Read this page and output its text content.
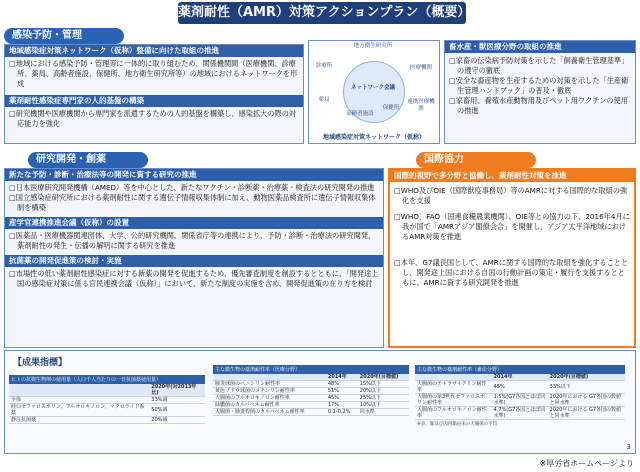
薬剤耐性（AMR）対策アクションプラン（概要）
感染予防・管理
地域感染症対策ネットワーク（仮称）整備に向けた取組の推進

□地域における感染予防・管理等に一体的に取り組むため、関係機関間（医療機関、診療所、薬局、高齢者施設、保健所、地方衛生研究所等）の地域におけるネットワークを形成

薬剤耐性感染症専門家の人的基盤の構築

□研究機関や医療機関から専門家を派遣するための人的基盤を構築し、感染拡大の際の対応能力を強化

ネットワーク会議
地方衛生研究所
保健所
診療所	医療機関
薬局
高齢者施設
連携医療機関
地域感染症対策ネットワーク（仮称）
畜水産・獣医療分野の取組の推進

□家畜の伝染病予防対策を示した「飼養衛生管理基準」の遵守の徹底

□安全な畜産物を生産するための対策を示した「生産衛生管理ハンドブック」の普及・徹底

□家畜用、養殖水産動物用及びペット用ワクチンの使用の推進

研究開発・創薬
新たな予防・診断・治療法等の開発に資する研究の推進

□日本医療研究開発機構（AMED）等を中心とした、新たなワクチン・診断薬・治療薬・検査法の研究開発の推進

□国立感染症研究所における薬剤耐性に関する遺伝子情報収集体制に加え、動物医薬品検査所に遺伝子情報収集体制を構築

産学官連携推進会議（仮称）の設置

□医薬品・医療機器関連団体、大学、公的研究機関、関係省庁等の連携により、予防・診断・治療法の研究開発、薬剤耐性の発生・伝播の解明に関する研究を推進

抗菌薬の開発促進策の検討・実施

□市場性の低い薬剤耐性感染症に対する新薬の開発を促進するため、優先審査制度を創設するとともに、「開発途上国の感染症対策に係る官民連携会議（仮称）」において、新たな制度の実施を含め、開発促進策の在り方を検討

国際協力
国際的視野で多分野と協働し、薬剤耐性対策を推進

□WHO及びOIE（国際獣疫事務局）等のAMRに対する国際的な取組の強化を支援

□WHO、FAO（国連食糧農業機関）、OIE等との協力の下、2016年4月に我が国で「AMRアジア閣僚会合」を開催し、アジア太平洋地域におけるAMR対策を推進

□本年、G7議長国として、AMRに関する国際的な取組を強化することとし、開発途上国における自国の行動計画の策定・履行を支援するとともに、AMRに資する研究開発を推進

【成果指標】
ヒトの抗微生物剤の使用量（人口千人当たりの一日抗菌薬使用量）
	2020年(対2013年比)
全体	33%減
経口セファロスポリン、フルオロキノロン、マクロライド系薬	50%減
静注抗菌薬	20%減
主な微生物の薬剤耐性率（医療分野）
	2014年	2020年(目標値)
肺炎球菌のペニシリン耐性率	48%	15%以下
黄色ブドウ球菌のメチシリン耐性率	51%	20%以下
大腸菌のフルオロキノロン耐性率	45%	25%以下
緑膿菌のカルバペネム耐性率	17%	10%以下
大腸菌・肺炎桿菌のカルバペネム耐性率	0.1-0.2%	同水準
主な微生物の薬剤耐性率（畜産分野）
	2014年	2020年(目標値)
大腸菌のテトラサイクリン耐性率	45%	33%以下
大腸菌の第3世代セファロスポリン耐性率	1.5%(G7各国とほぼ同水準)	2020年における G7各国の数値と同水準
大腸菌のフルオロキノロン耐性率	4.7%(G7各国とほぼ同水準)	2020年における G7各国の数値と同水準
※表、豚及び肉用鶏由来の大腸菌の平均
3
※厚労省ホームページより
